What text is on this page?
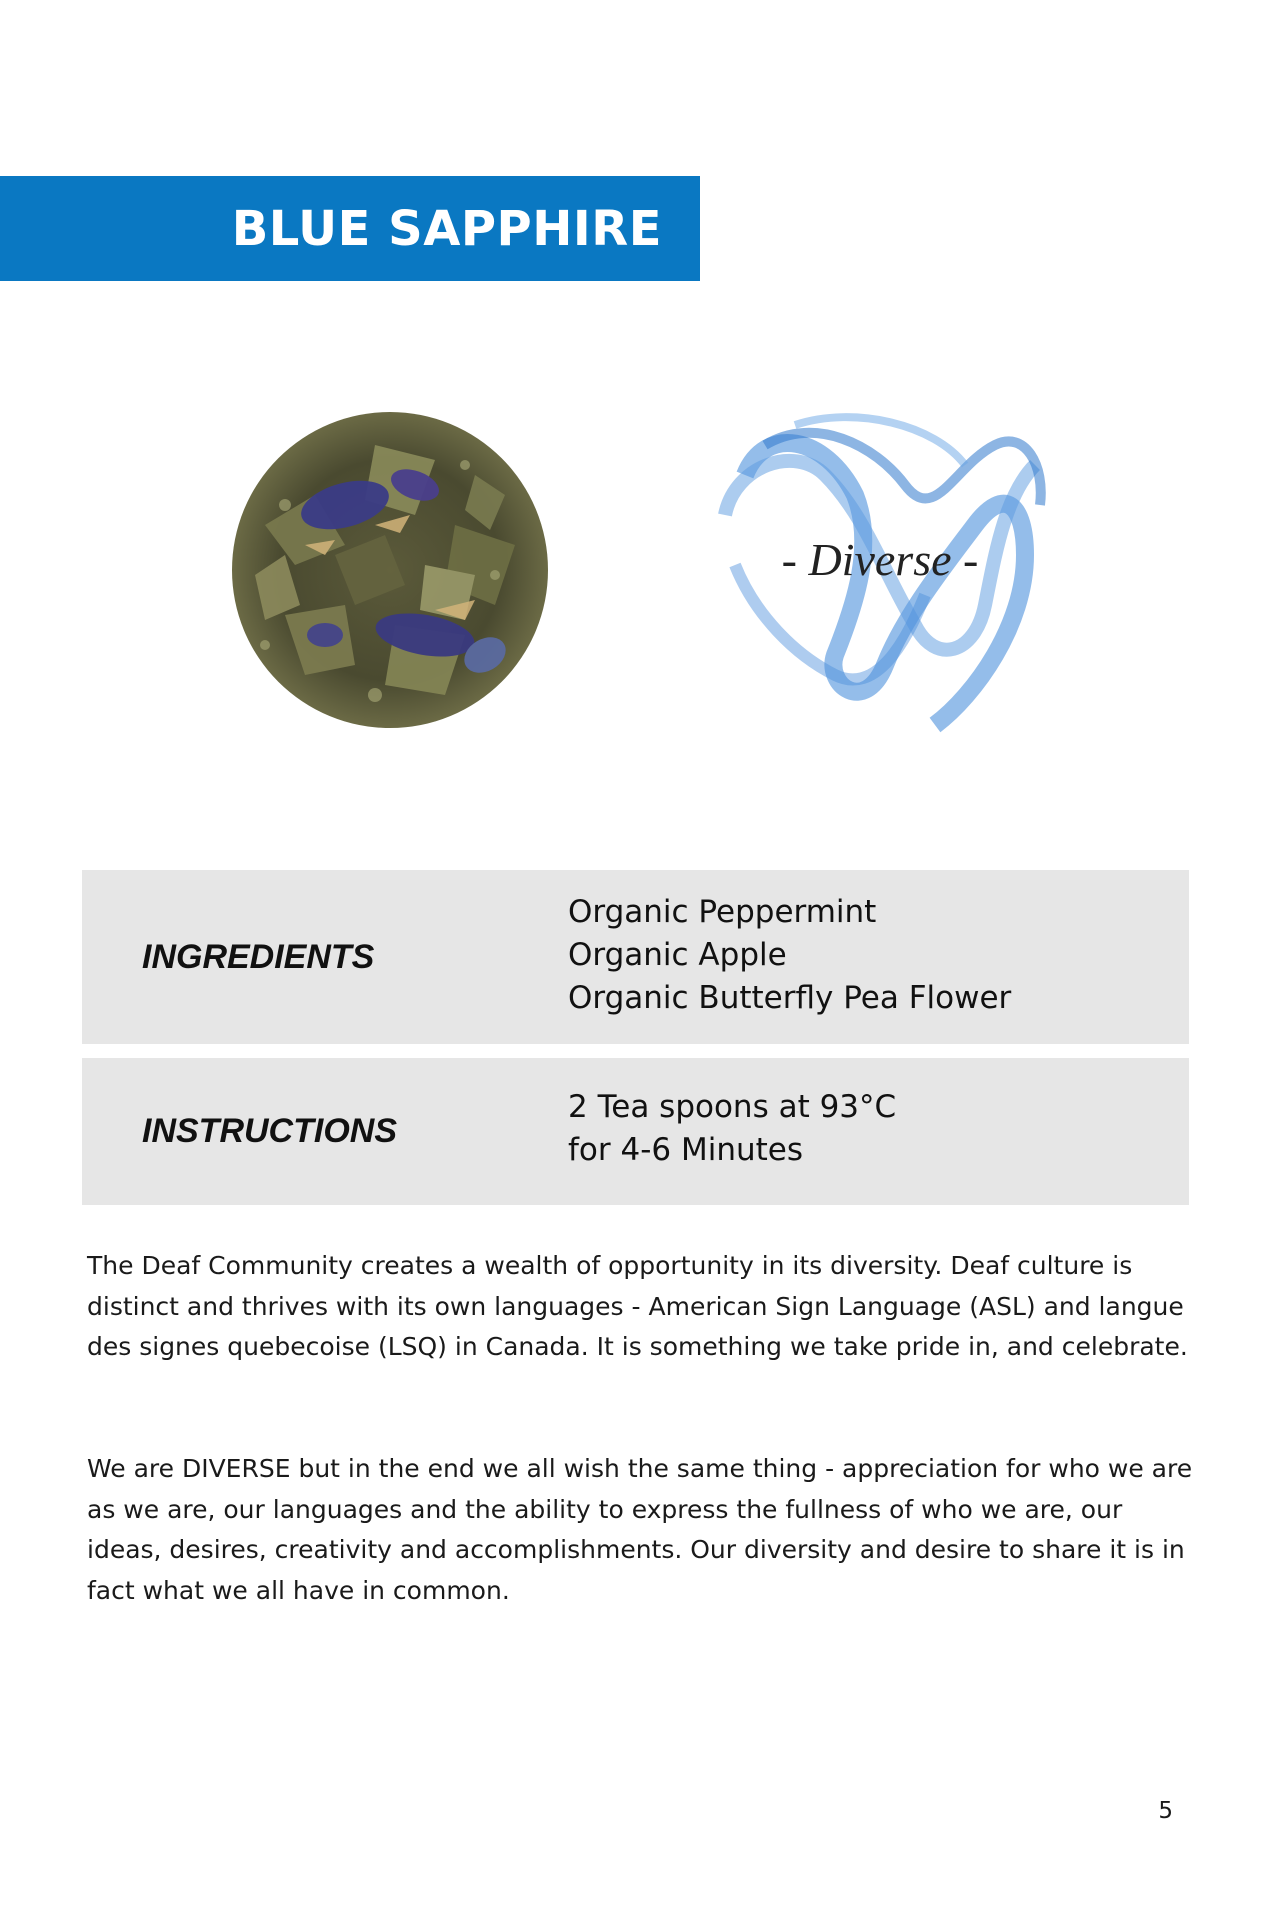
BLUE SAPPHIRE
- Diverse -
INGREDIENTS
Organic Peppermint
Organic Apple
Organic Butterfly Pea Flower
INSTRUCTIONS
2 Tea spoons at 93°C
for 4-6 Minutes

The Deaf Community creates a wealth of opportunity in its diversity. Deaf culture is distinct and thrives with its own languages - American Sign Language (ASL) and langue des signes quebecoise (LSQ) in Canada. It is something we take pride in, and celebrate.

We are DIVERSE but in the end we all wish the same thing - appreciation for who we are as we are, our languages and the ability to express the fullness of who we are, our ideas, desires, creativity and accomplishments. Our diversity and desire to share it is in fact what we all have in common.

5
